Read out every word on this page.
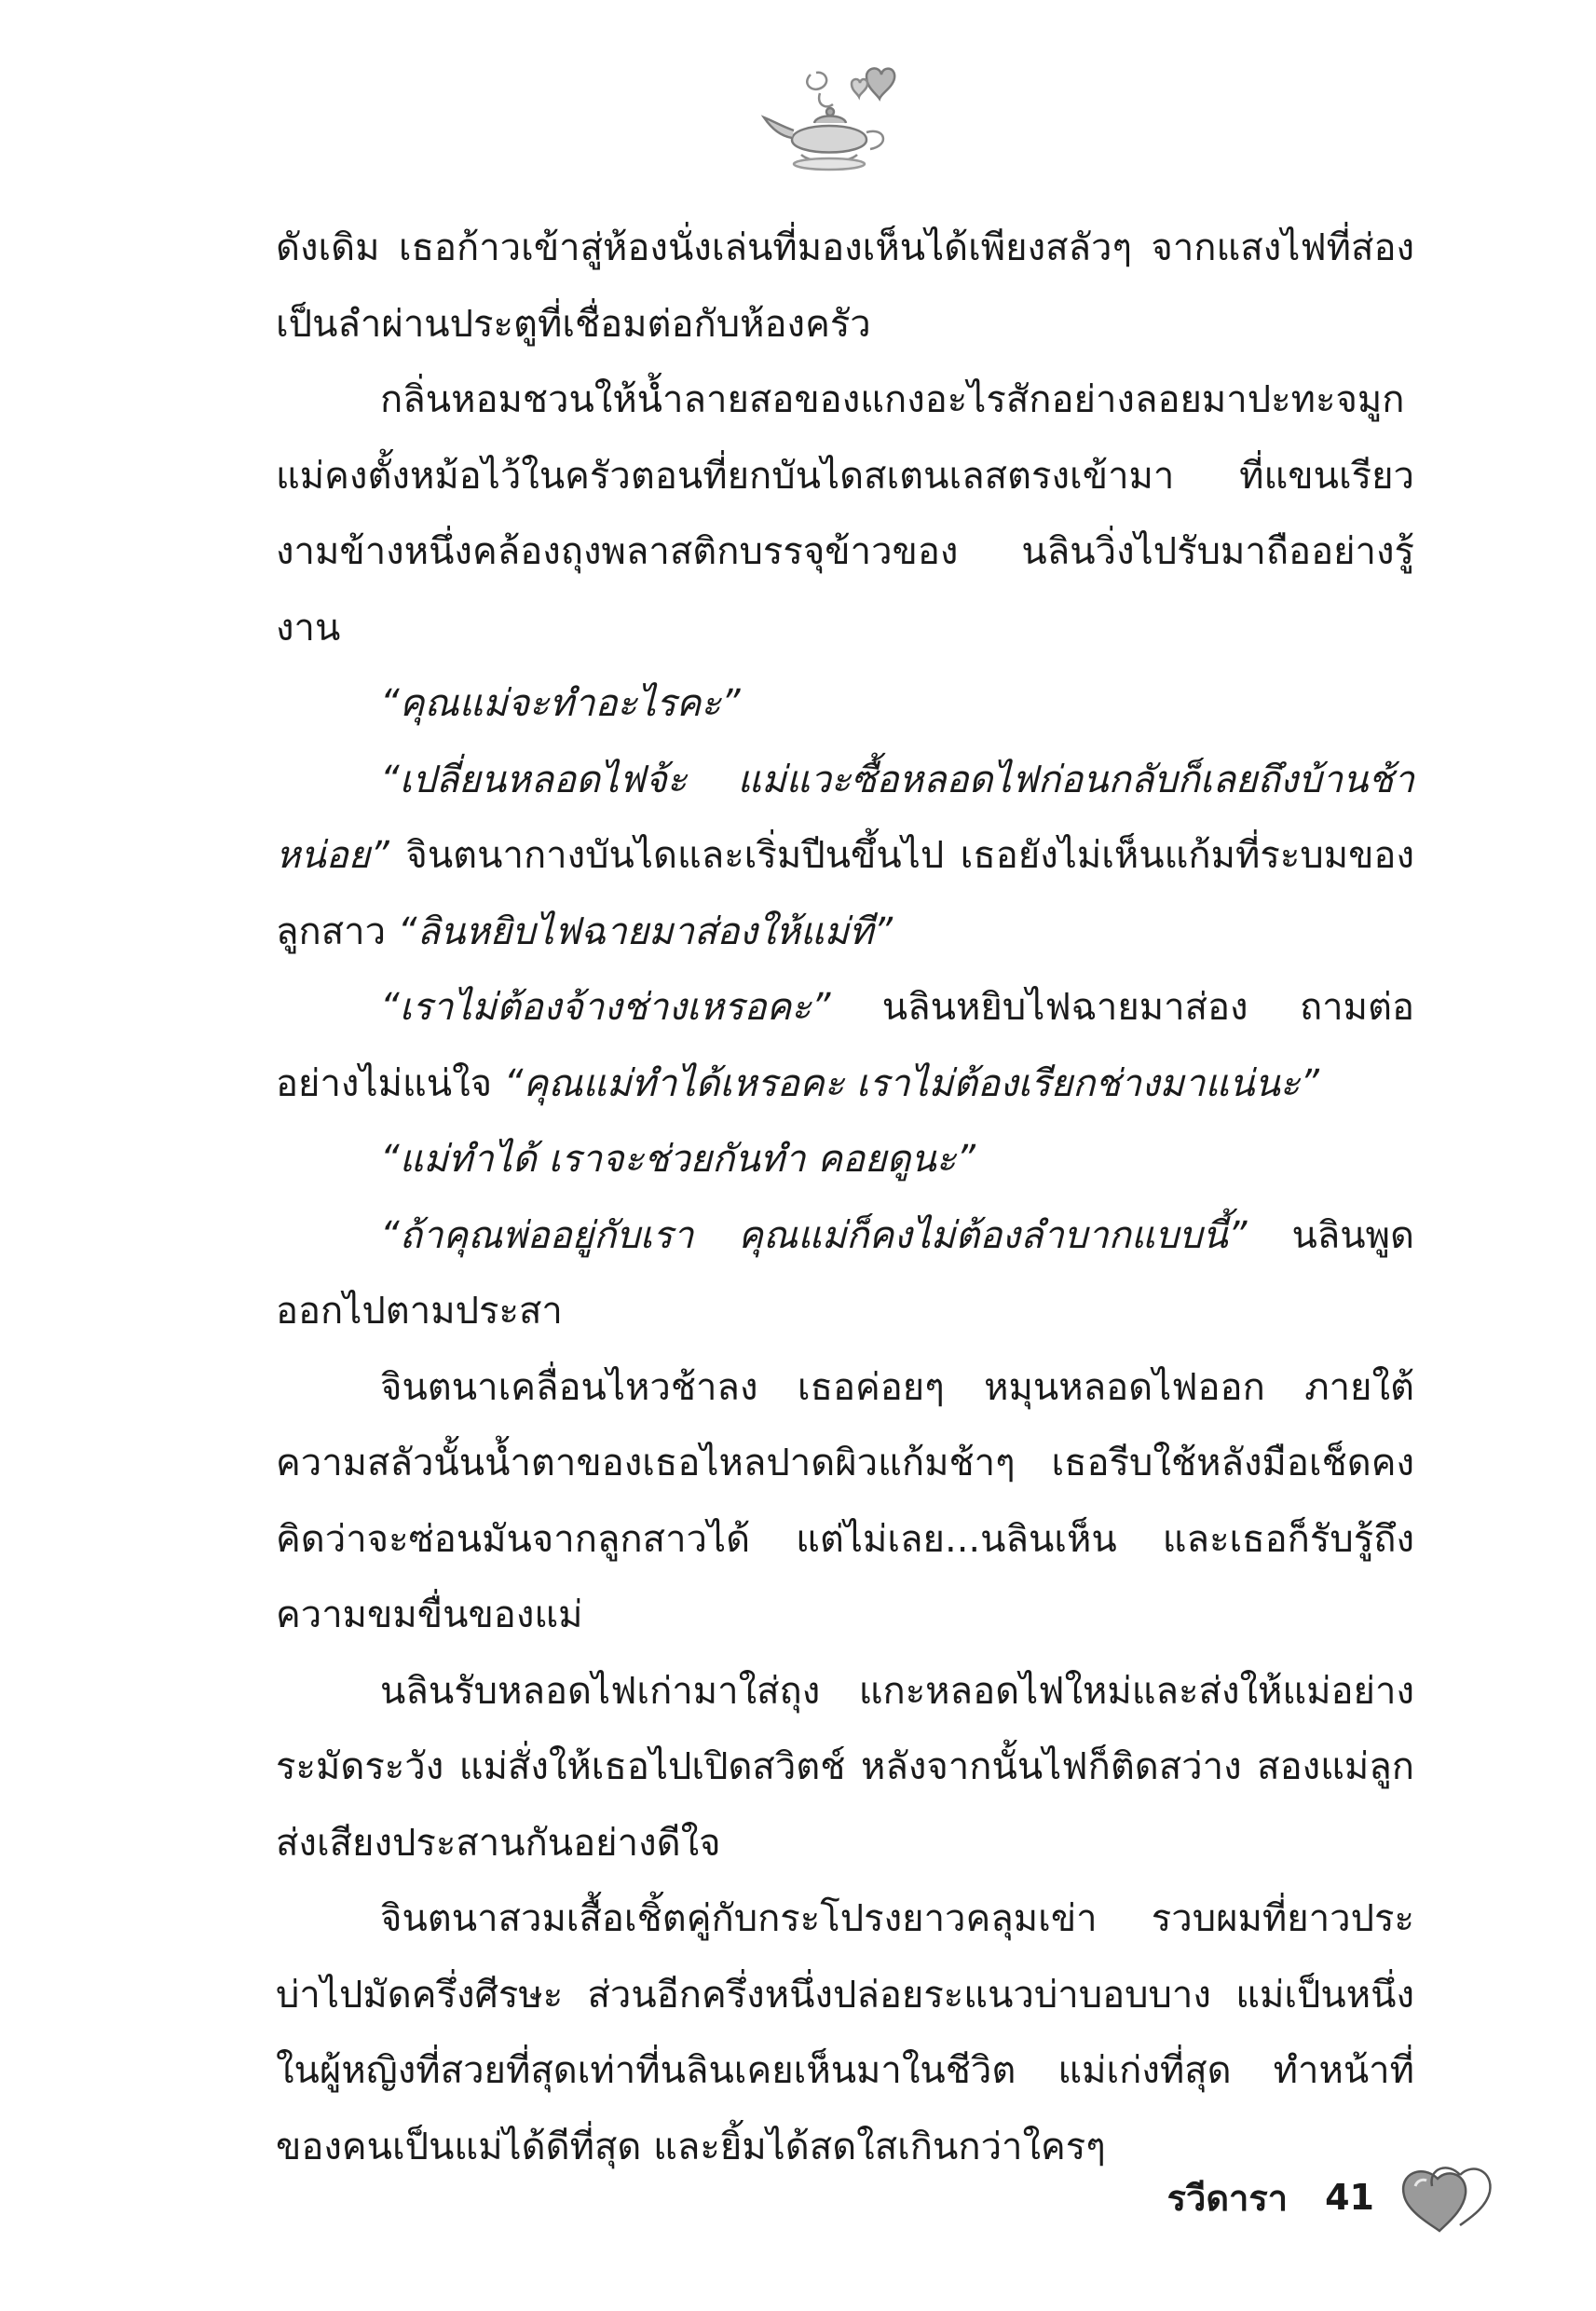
ดังเดิม เธอก้าวเข้าสู่ห้องนั่งเล่นที่มองเห็นได้เพียงสลัวๆ จากแสงไฟที่ส่องเป็นลำผ่านประตูที่เชื่อมต่อกับห้องครัว

กลิ่นหอมชวนให้น้ำลายสอของแกงอะไรสักอย่างลอยมาปะทะจมูก แม่คงตั้งหม้อไว้ในครัวตอนที่ยกบันไดสเตนเลสตรงเข้ามา ที่แขนเรียวงามข้างหนึ่งคล้องถุงพลาสติกบรรจุข้าวของ นลินวิ่งไปรับมาถืออย่างรู้งาน

“คุณแม่จะทำอะไรคะ”

“เปลี่ยนหลอดไฟจ้ะ แม่แวะซื้อหลอดไฟก่อนกลับก็เลยถึงบ้านช้าหน่อย” จินตนากางบันไดและเริ่มปีนขึ้นไป เธอยังไม่เห็นแก้มที่ระบมของลูกสาว “ลินหยิบไฟฉายมาส่องให้แม่ที”

“เราไม่ต้องจ้างช่างเหรอคะ” นลินหยิบไฟฉายมาส่อง ถามต่ออย่างไม่แน่ใจ “คุณแม่ทำได้เหรอคะ เราไม่ต้องเรียกช่างมาแน่นะ”

“แม่ทำได้ เราจะช่วยกันทำ คอยดูนะ”

“ถ้าคุณพ่ออยู่กับเรา คุณแม่ก็คงไม่ต้องลำบากแบบนี้” นลินพูดออกไปตามประสา

จินตนาเคลื่อนไหวช้าลง เธอค่อยๆ หมุนหลอดไฟออก ภายใต้ความสลัวนั้นน้ำตาของเธอไหลปาดผิวแก้มช้าๆ เธอรีบใช้หลังมือเช็ดคงคิดว่าจะซ่อนมันจากลูกสาวได้ แต่ไม่เลย...นลินเห็น และเธอก็รับรู้ถึงความขมขื่นของแม่

นลินรับหลอดไฟเก่ามาใส่ถุง แกะหลอดไฟใหม่และส่งให้แม่อย่างระมัดระวัง แม่สั่งให้เธอไปเปิดสวิตช์ หลังจากนั้นไฟก็ติดสว่าง สองแม่ลูกส่งเสียงประสานกันอย่างดีใจ

จินตนาสวมเสื้อเชิ้ตคู่กับกระโปรงยาวคลุมเข่า รวบผมที่ยาวประบ่าไปมัดครึ่งศีรษะ ส่วนอีกครึ่งหนึ่งปล่อยระแนวบ่าบอบบาง แม่เป็นหนึ่งในผู้หญิงที่สวยที่สุดเท่าที่นลินเคยเห็นมาในชีวิต แม่เก่งที่สุด ทำหน้าที่ของคนเป็นแม่ได้ดีที่สุด และยิ้มได้สดใสเกินกว่าใครๆ

รวีดารา 41
